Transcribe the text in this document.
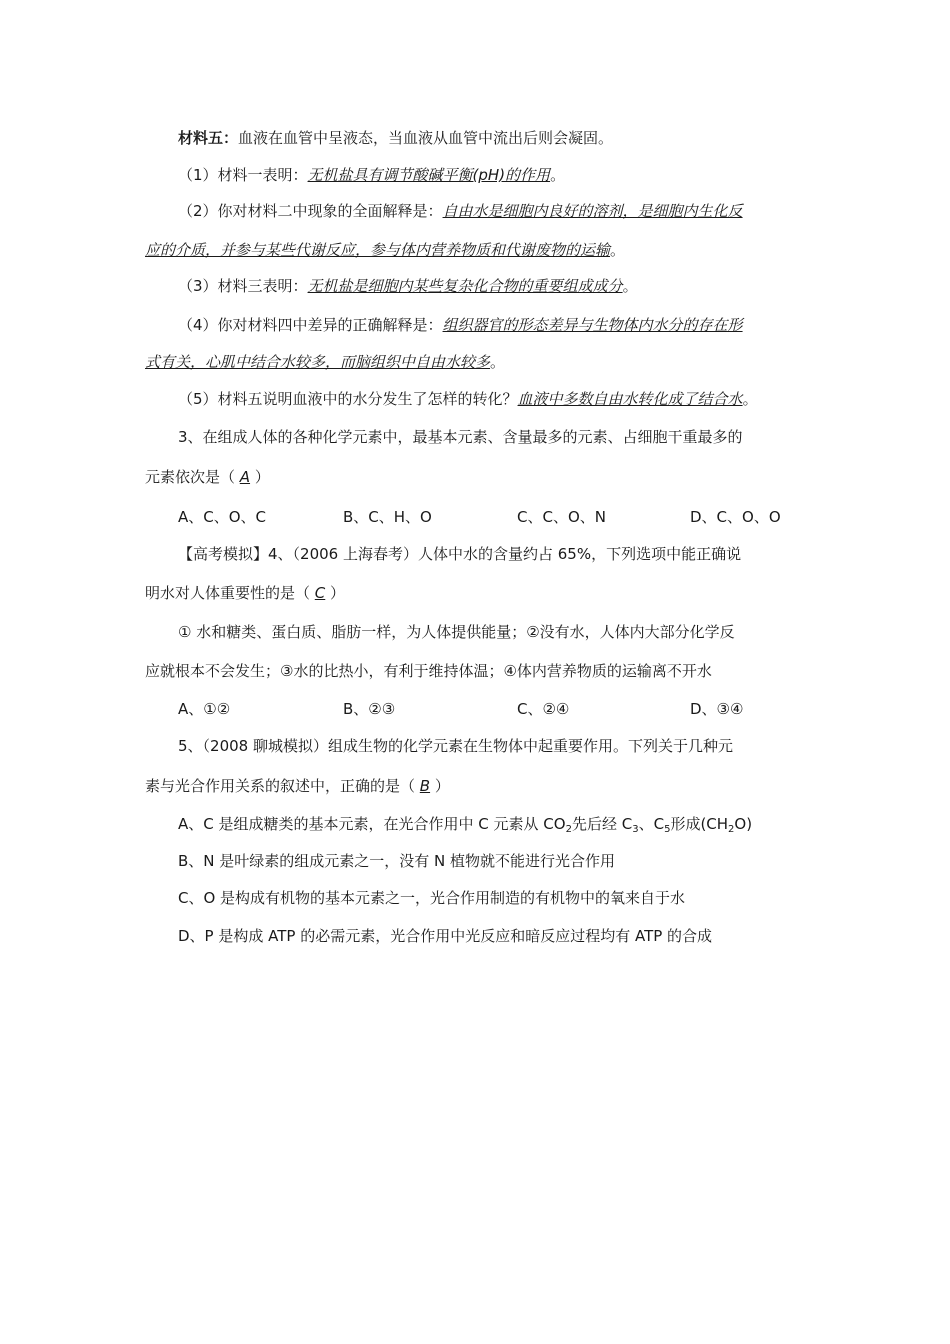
材料五：血液在血管中呈液态，当血液从血管中流出后则会凝固。
（1）材料一表明：无机盐具有调节酸碱平衡(pH)的作用。
（2）你对材料二中现象的全面解释是：自由水是细胞内良好的溶剂，是细胞内生化反
应的介质，并参与某些代谢反应，参与体内营养物质和代谢废物的运输。
（3）材料三表明：无机盐是细胞内某些复杂化合物的重要组成成分。
（4）你对材料四中差异的正确解释是：组织器官的形态差异与生物体内水分的存在形
式有关，心肌中结合水较多，而脑组织中自由水较多。
（5）材料五说明血液中的水分发生了怎样的转化？血液中多数自由水转化成了结合水。
3、在组成人体的各种化学元素中，最基本元素、含量最多的元素、占细胞干重最多的
元素依次是（ A ）
A、C、O、C	B、C、H、O	C、C、O、N	D、C、O、O
【高考模拟】4、（2006 上海春考）人体中水的含量约占 65%，下列选项中能正确说
明水对人体重要性的是（ C ）
① 水和糖类、蛋白质、脂肪一样，为人体提供能量；②没有水，人体内大部分化学反
应就根本不会发生；③水的比热小，有利于维持体温；④体内营养物质的运输离不开水
A、①②	B、②③	C、②④	D、③④
5、（2008 聊城模拟）组成生物的化学元素在生物体中起重要作用。下列关于几种元
素与光合作用关系的叙述中，正确的是（ B ）
A、C 是组成糖类的基本元素，在光合作用中 C 元素从 $CO_2$先后经 $C_3$、$C_5$形成$(CH_2O)$
B、N 是叶绿素的组成元素之一，没有 N 植物就不能进行光合作用
C、O 是构成有机物的基本元素之一，光合作用制造的有机物中的氧来自于水
D、P 是构成 ATP 的必需元素，光合作用中光反应和暗反应过程均有 ATP 的合成
